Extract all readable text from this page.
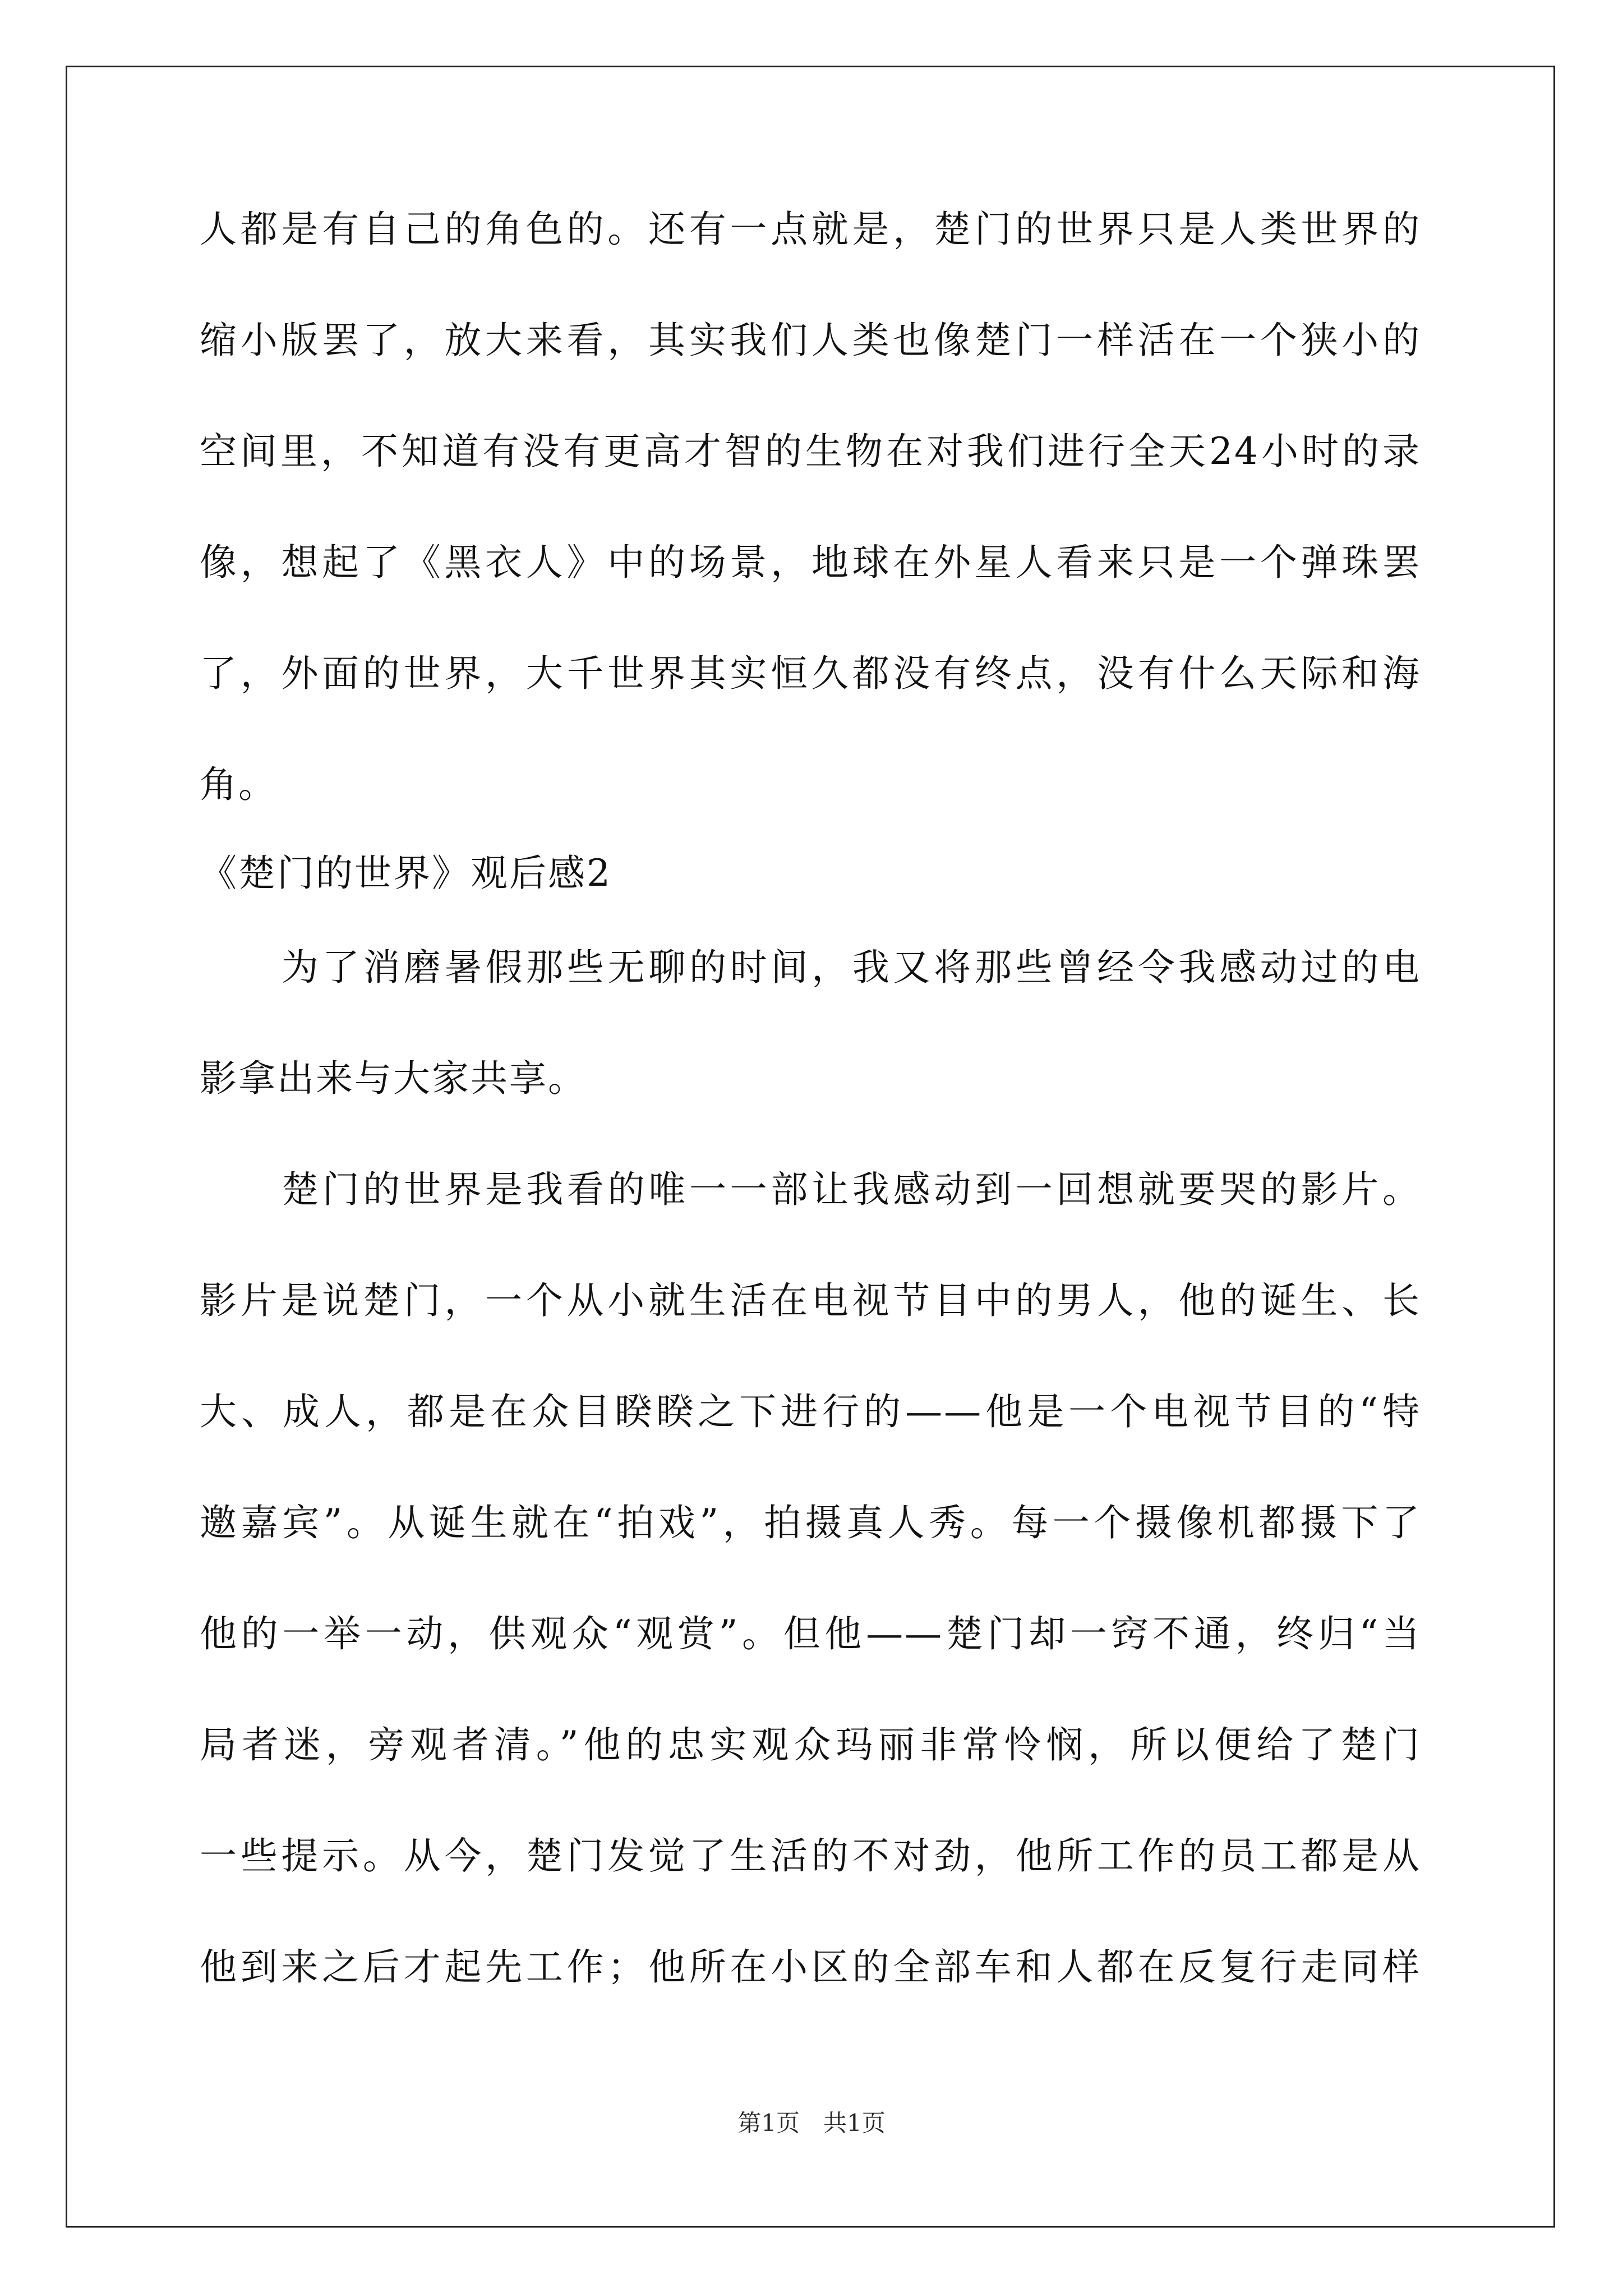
人都是有自己的角色的。还有一点就是，楚门的世界只是人类世界的
缩小版罢了，放大来看，其实我们人类也像楚门一样活在一个狭小的
空间里，不知道有没有更高才智的生物在对我们进行全天24小时的录
像，想起了《黑衣人》中的场景，地球在外星人看来只是一个弹珠罢
了，外面的世界，大千世界其实恒久都没有终点，没有什么天际和海
角。
《楚门的世界》观后感2
为了消磨暑假那些无聊的时间，我又将那些曾经令我感动过的电
影拿出来与大家共享。
楚门的世界是我看的唯一一部让我感动到一回想就要哭的影片。
影片是说楚门，一个从小就生活在电视节目中的男人，他的诞生、长
大、成人，都是在众目睽睽之下进行的——他是一个电视节目的“特
邀嘉宾”。从诞生就在“拍戏”，拍摄真人秀。每一个摄像机都摄下了
他的一举一动，供观众“观赏”。但他——楚门却一窍不通，终归“当
局者迷，旁观者清。”他的忠实观众玛丽非常怜悯，所以便给了楚门
一些提示。从今，楚门发觉了生活的不对劲，他所工作的员工都是从
他到来之后才起先工作；他所在小区的全部车和人都在反复行走同样
第1页　共1页
